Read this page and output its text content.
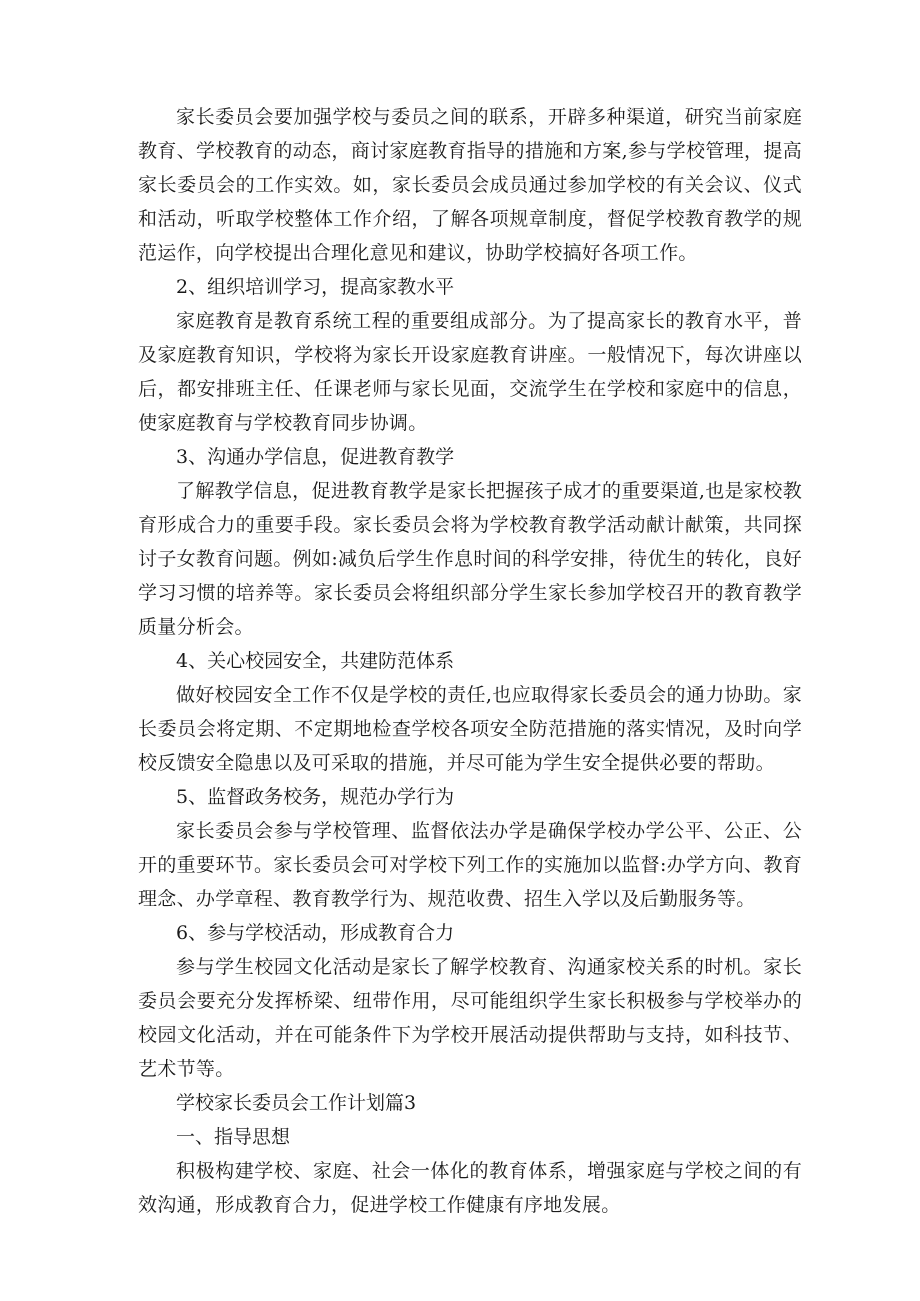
家长委员会要加强学校与委员之间的联系，开辟多种渠道，研究当前家庭教育、学校教育的动态，商讨家庭教育指导的措施和方案,参与学校管理，提高家长委员会的工作实效。如，家长委员会成员通过参加学校的有关会议、仪式和活动，听取学校整体工作介绍，了解各项规章制度，督促学校教育教学的规范运作，向学校提出合理化意见和建议，协助学校搞好各项工作。

2、组织培训学习，提高家教水平

家庭教育是教育系统工程的重要组成部分。为了提高家长的教育水平，普及家庭教育知识，学校将为家长开设家庭教育讲座。一般情况下，每次讲座以后，都安排班主任、任课老师与家长见面，交流学生在学校和家庭中的信息，使家庭教育与学校教育同步协调。

3、沟通办学信息，促进教育教学

了解教学信息，促进教育教学是家长把握孩子成才的重要渠道,也是家校教育形成合力的重要手段。家长委员会将为学校教育教学活动献计献策，共同探讨子女教育问题。例如:减负后学生作息时间的科学安排，待优生的转化，良好学习习惯的培养等。家长委员会将组织部分学生家长参加学校召开的教育教学质量分析会。

4、关心校园安全，共建防范体系

做好校园安全工作不仅是学校的责任,也应取得家长委员会的通力协助。家长委员会将定期、不定期地检查学校各项安全防范措施的落实情况，及时向学校反馈安全隐患以及可采取的措施，并尽可能为学生安全提供必要的帮助。

5、监督政务校务，规范办学行为

家长委员会参与学校管理、监督依法办学是确保学校办学公平、公正、公开的重要环节。家长委员会可对学校下列工作的实施加以监督:办学方向、教育理念、办学章程、教育教学行为、规范收费、招生入学以及后勤服务等。

6、参与学校活动，形成教育合力

参与学生校园文化活动是家长了解学校教育、沟通家校关系的时机。家长委员会要充分发挥桥梁、纽带作用，尽可能组织学生家长积极参与学校举办的校园文化活动，并在可能条件下为学校开展活动提供帮助与支持，如科技节、艺术节等。

学校家长委员会工作计划篇3

一、指导思想

积极构建学校、家庭、社会一体化的教育体系，增强家庭与学校之间的有效沟通，形成教育合力，促进学校工作健康有序地发展。
